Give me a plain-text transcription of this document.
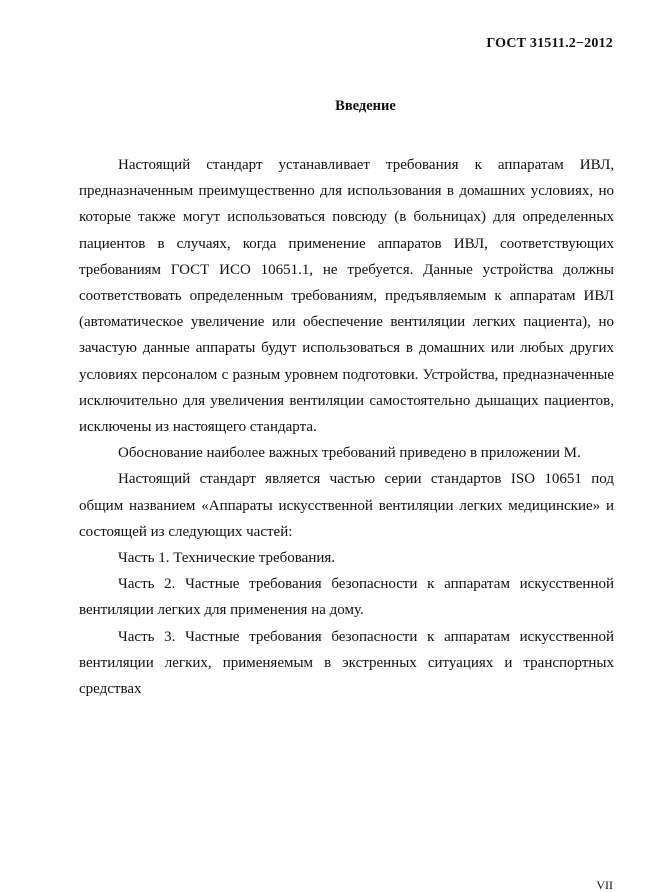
ГОСТ 31511.2−2012
Введение

Настоящий стандарт устанавливает требования к аппаратам ИВЛ, предназначенным преимущественно для использования в домашних условиях, но которые также могут использоваться повсюду (в больницах) для определенных пациентов в случаях, когда применение аппаратов ИВЛ, соответствующих требованиям ГОСТ ИСО 10651.1, не требуется. Данные устройства должны соответствовать определенным требованиям, предъявляемым к аппаратам ИВЛ (автоматическое увеличение или обеспечение вентиляции легких пациента), но зачастую данные аппараты будут использоваться в домашних или любых других условиях персоналом с разным уровнем подготовки. Устройства, предназначенные исключительно для увеличения вентиляции самостоятельно дышащих пациентов, исключены из настоящего стандарта.

Обоснование наиболее важных требований приведено в приложении М.

Настоящий стандарт является частью серии стандартов ISO 10651 под общим названием «Аппараты искусственной вентиляции легких медицинские» и состоящей из следующих частей:

Часть 1. Технические требования.

Часть 2. Частные требования безопасности к аппаратам искусственной вентиляции легких для применения на дому.

Часть 3. Частные требования безопасности к аппаратам искусственной вентиляции легких, применяемым в экстренных ситуациях и транспортных средствах

VII
